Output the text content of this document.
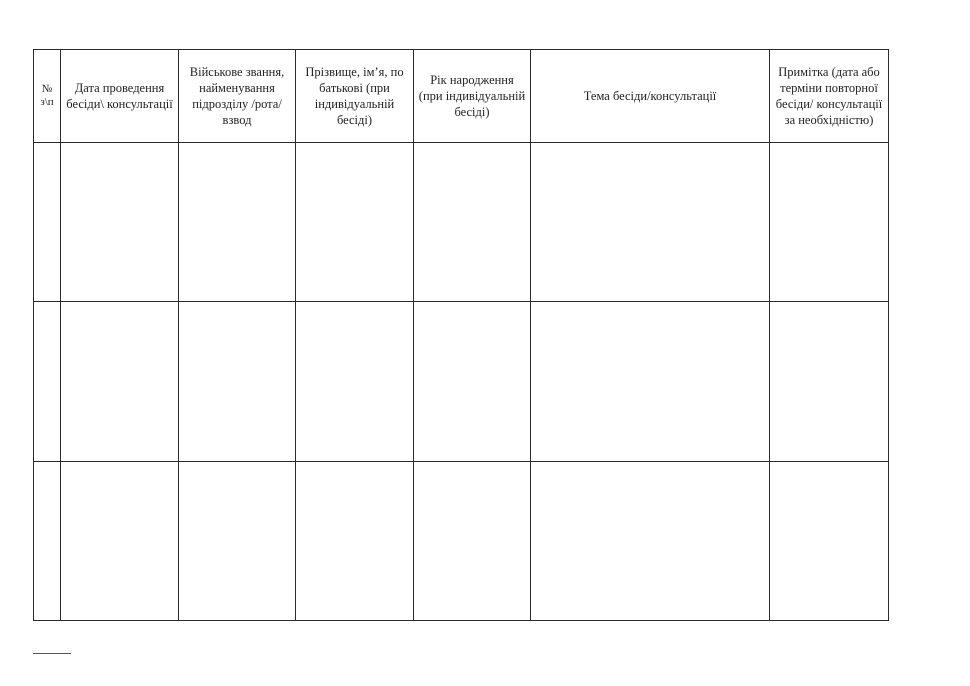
№ з\п	Дата проведення бесіди\ консультації	Військове звання, найменування підрозділу /рота/взвод	Прізвище, ім’я, по батькові (при індивідуальній бесіді)	Рік народження (при індивідуальній бесіді)	Тема бесіди/консультації	Примітка (дата або терміни повторної бесіди/ консультації за необхідністю)
